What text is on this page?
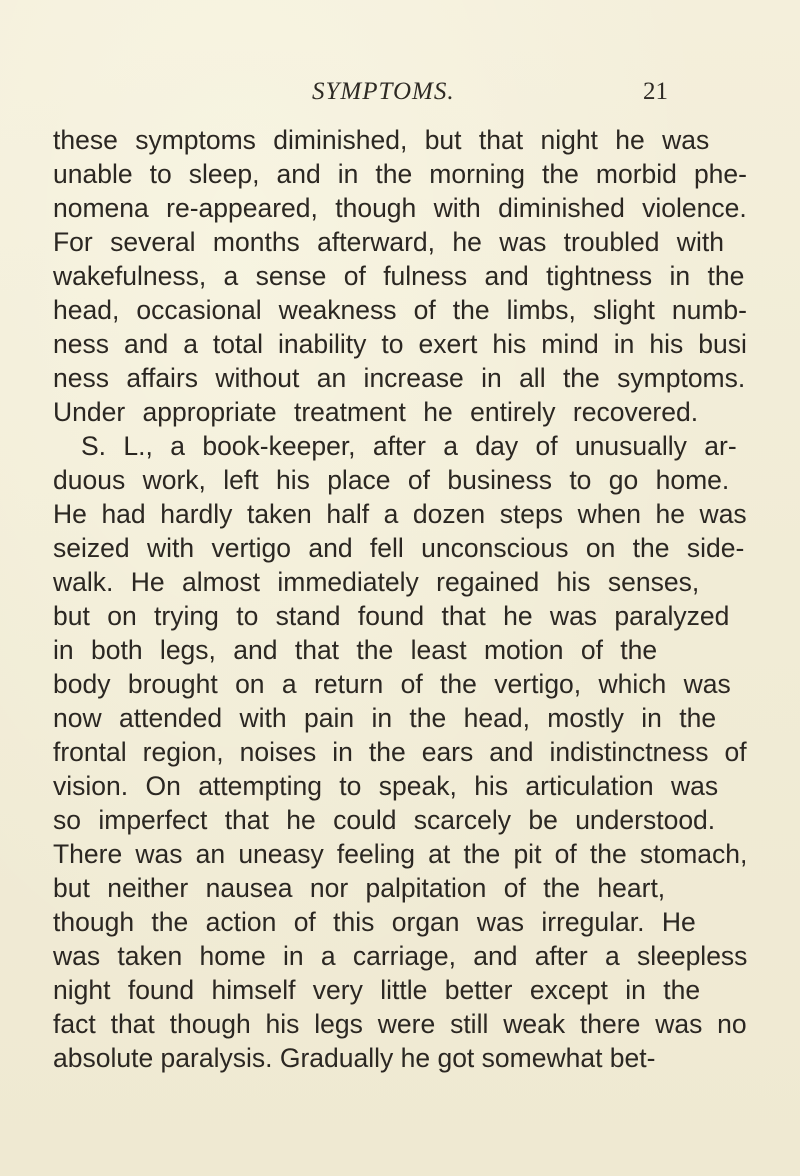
SYMPTOMS.	21
these symptoms diminished, but that night he was
unable to sleep, and in the morning the morbid phe-
nomena re-appeared, though with diminished violence.
For several months afterward, he was troubled with
wakefulness, a sense of fulness and tightness in the
head, occasional weakness of the limbs, slight numb-
ness and a total inability to exert his mind in his busi
ness affairs without an increase in all the symptoms.
Under appropriate treatment he entirely recovered.
S. L., a book-keeper, after a day of unusually ar-
duous work, left his place of business to go home.
He had hardly taken half a dozen steps when he was
seized with vertigo and fell unconscious on the side-
walk. He almost immediately regained his senses,
but on trying to stand found that he was paralyzed
in both legs, and that the least motion of the
body brought on a return of the vertigo, which was
now attended with pain in the head, mostly in the
frontal region, noises in the ears and indistinctness of
vision. On attempting to speak, his articulation was
so imperfect that he could scarcely be understood.
There was an uneasy feeling at the pit of the stomach,
but neither nausea nor palpitation of the heart,
though the action of this organ was irregular. He
was taken home in a carriage, and after a sleepless
night found himself very little better except in the
fact that though his legs were still weak there was no
absolute paralysis. Gradually he got somewhat bet-
